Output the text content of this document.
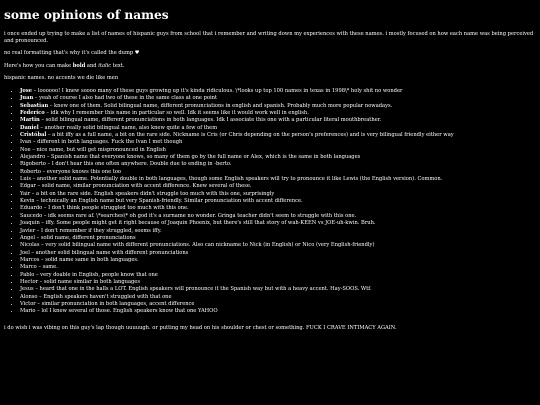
some opinions of names

i once ended up trying to make a list of names of hispanic guys from school that i remember and writing down my experiences with these names. i mostly focused on how each name was being perceived and pronounced.

no real formatting that's why it's called the dump ♥

Here's how you can make bold and italic text.

hispanic names. no accents we die like men

• Jose – loooooo! I knew soooo many of these guys growing up it's kinda ridiculous. \*looks up top 100 names in texas in 1998\* holy shit no wonder
• Juan – yeah of course I also had two of these in the same class at one point
• Sebastian – knew one of them. Solid bilingual name, different pronunciations in english and spanish. Probably much more popular nowadays.
• Federico – idk why I remember this name in particular so well. Idk it seems like it would work well in english.
• Martin – solid bilingual name, different pronunciations in both languages. Idk I associate this one with a particular literal mouthbreather.
• Daniel – another really solid bilingual name, also knew quite a few of them
• Cristóbal – a bit iffy as a full name, a bit on the rare side. Nickname is Cris (or Chris depending on the person's preferences) and is very bilingual friendly either way
• Ivan – different in both languages. Fuck the Ivan I met though
• Noe – nice name, but will get mispronounced in English
• Alejandro – Spanish name that everyone knows, so many of them go by the full name or Alex, which is the same in both languages
• Rigoberto – I don't hear this one often anywhere. Double due to ending in -berto.
• Roberto – everyone knows this one too
• Luis – another solid name. Potentially double in both languages, though some English speakers will try to pronounce it like Lewis (the English version). Common.
• Edgar – solid name, similar pronunciation with accent difference. Knew several of these.
• Yair – a bit on the rare side. English speakers didn't struggle too much with this one, surprisingly
• Kevin – technically an English name but very Spanish-friendly. Similar pronunciation with accent difference.
• Eduardo – I don't think people struggled too much with this one.
• Saucedo – idk seems rare af. \*searches\* oh god it's a surname no wonder. Gringa teacher didn't seem to struggle with this one.
• Joaquin – iffy. Some people might get it right because of Joaquin Phoenix, but there's still that story of wah-KEEN vs JOE-uh-kwin. Bruh.
• Javier – I don't remember if they struggled, seems iffy.
• Angel – solid name, different pronunciations
• Nicolas – very solid bilingual name with different pronunciations. Also can nickname to Nick (in English) or Nico (very English-friendly)
• Joel – another solid bilingual name with different pronunciations
• Marcos – solid name same in both languages.
• Marco – same.
• Pablo – very doable in English, people know that one
• Hector – solid name similar in both languages
• Jesus – heard that one in the halls a LOT. English speakers will pronounce it the Spanish way but with a heavy accent. Hay-SOOS. Wtf.
• Alonso – English speakers haven't struggled with that one
• Victor – similar pronunciation in both languages, accent difference
• Mario – lol I knew several of those. English speakers know that one YAHOO

i do wish i was vibing on this guy's lap though uuuuugh. or putting my head on his shoulder or chest or something. FUCK I CRAVE INTIMACY AGAIN.
